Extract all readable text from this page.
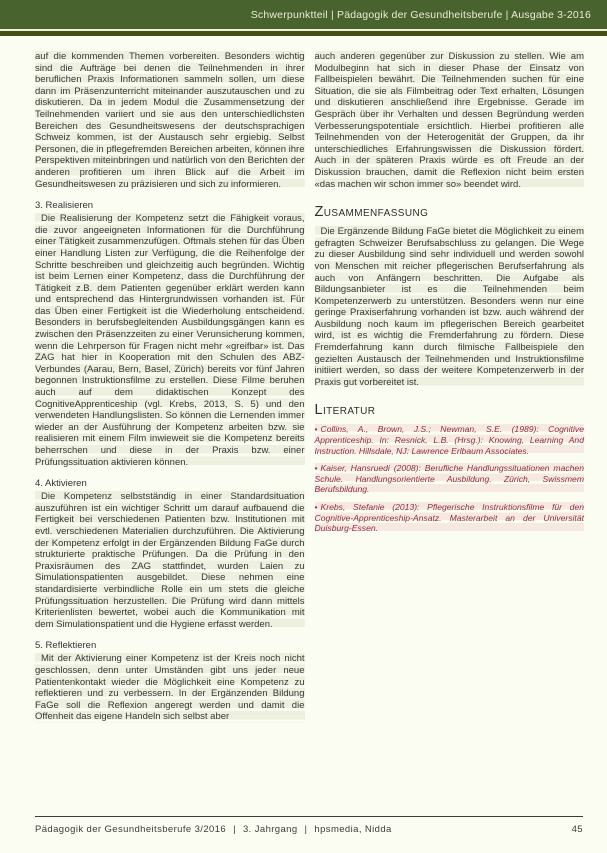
Schwerpunktteil | Pädagogik der Gesundheitsberufe | Ausgabe 3-2016

auf die kommenden Themen vorbereiten. Besonders wichtig sind die Aufträge bei denen die Teilnehmenden in ihrer beruflichen Praxis Informationen sammeln sollen, um diese dann im Präsenzunterricht miteinander auszutauschen und zu diskutieren. Da in jedem Modul die Zusammensetzung der Teilnehmenden variiert und sie aus den unterschiedlichsten Bereichen des Gesundheitswesens der deutschsprachigen Schweiz kommen, ist der Austausch sehr ergiebig. Selbst Personen, die in pflegefremden Bereichen arbeiten, können ihre Perspektiven miteinbringen und natürlich von den Berichten der anderen profitieren um ihren Blick auf die Arbeit im Gesundheitswesen zu präzisieren und sich zu informieren.

3. Realisieren

Die Realisierung der Kompetenz setzt die Fähigkeit voraus, die zuvor angeeigneten Informationen für die Durchführung einer Tätigkeit zusammenzufügen. Oftmals stehen für das Üben einer Handlung Listen zur Verfügung, die die Reihenfolge der Schritte beschreiben und gleichzeitig auch begründen. Wichtig ist beim Lernen einer Kompetenz, dass die Durchführung der Tätigkeit z.B. dem Patienten gegenüber erklärt werden kann und entsprechend das Hintergrundwissen vorhanden ist. Für das Üben einer Fertigkeit ist die Wiederholung entscheidend. Besonders in berufsbegleitenden Ausbildungsgängen kann es zwischen den Präsenzzeiten zu einer Verunsicherung kommen, wenn die Lehrperson für Fragen nicht mehr «greifbar» ist. Das ZAG hat hier in Kooperation mit den Schulen des ABZ-Verbundes (Aarau, Bern, Basel, Zürich) bereits vor fünf Jahren begonnen Instruktionsfilme zu erstellen. Diese Filme beruhen auch auf dem didaktischen Konzept des CognitiveApprenticeship (vgl. Krebs, 2013, S. 5) und den verwendeten Handlungslisten. So können die Lernenden immer wieder an der Ausführung der Kompetenz arbeiten bzw. sie realisieren mit einem Film inwieweit sie die Kompetenz bereits beherrschen und diese in der Praxis bzw. einer Prüfungssituation aktivieren können.

4. Aktivieren

Die Kompetenz selbstständig in einer Standardsituation auszuführen ist ein wichtiger Schritt um darauf aufbauend die Fertigkeit bei verschiedenen Patienten bzw. Institutionen mit evtl. verschiedenen Materialien durchzuführen. Die Aktivierung der Kompetenz erfolgt in der Ergänzenden Bildung FaGe durch strukturierte praktische Prüfungen. Da die Prüfung in den Praxisräumen des ZAG stattfindet, wurden Laien zu Simulationspatienten ausgebildet. Diese nehmen eine standardisierte verbindliche Rolle ein um stets die gleiche Prüfungssituation herzustellen. Die Prüfung wird dann mittels Kriterienlisten bewertet, wobei auch die Kommunikation mit dem Simulationspatient und die Hygiene erfasst werden.

5. Reflektieren

Mit der Aktivierung einer Kompetenz ist der Kreis noch nicht geschlossen, denn unter Umständen gibt uns jeder neue Patientenkontakt wieder die Möglichkeit eine Kompetenz zu reflektieren und zu verbessern. In der Ergänzenden Bildung FaGe soll die Reflexion angeregt werden und damit die Offenheit das eigene Handeln sich selbst aber

auch anderen gegenüber zur Diskussion zu stellen. Wie am Modulbeginn hat sich in dieser Phase der Einsatz von Fallbeispielen bewährt. Die Teilnehmenden suchen für eine Situation, die sie als Filmbeitrag oder Text erhalten, Lösungen und diskutieren anschließend ihre Ergebnisse. Gerade im Gespräch über ihr Verhalten und dessen Begründung werden Verbesserungspotentiale ersichtlich. Hierbei profitieren alle Teilnehmenden von der Heterogenität der Gruppen, da ihr unterschiedliches Erfahrungswissen die Diskussion fördert. Auch in der späteren Praxis würde es oft Freude an der Diskussion brauchen, damit die Reflexion nicht beim ersten «das machen wir schon immer so» beendet wird.

Zusammenfassung

Die Ergänzende Bildung FaGe bietet die Möglichkeit zu einem gefragten Schweizer Berufsabschluss zu gelangen. Die Wege zu dieser Ausbildung sind sehr individuell und werden sowohl von Menschen mit reicher pflegerischen Berufserfahrung als auch von Anfängern beschritten. Die Aufgabe als Bildungsanbieter ist es die Teilnehmenden beim Kompetenzerwerb zu unterstützen. Besonders wenn nur eine geringe Praxiserfahrung vorhanden ist bzw. auch während der Ausbildung noch kaum im pflegerischen Bereich gearbeitet wird, ist es wichtig die Fremderfahrung zu fördern. Diese Fremderfahrung kann durch filmische Fallbeispiele den gezielten Austausch der Teilnehmenden und Instruktionsfilme initiiert werden, so dass der weitere Kompetenzerwerb in der Praxis gut vorbereitet ist.

Literatur

• Collins, A., Brown, J.S.; Newman, S.E. (1989): Cognitive Apprenticeship. In: Resnick, L.B. (Hrsg.): Knowing, Learning And Instruction. Hillsdale, NJ: Lawrence Erlbaum Associates.

• Kaiser, Hansruedi (2008): Berufliche Handlungssituationen machen Schule. Handlungsorientierte Ausbildung. Zürich, Swissmem Berufsbildung.

• Krebs, Stefanie (2013): Pflegerische Instruktionsfilme für den Cognitive-Apprenticeship-Ansatz. Masterarbeit an der Universität Duisburg-Essen.

Pädagogik der Gesundheitsberufe 3/2016 | 3. Jahrgang | hpsmedia, Nidda	45
